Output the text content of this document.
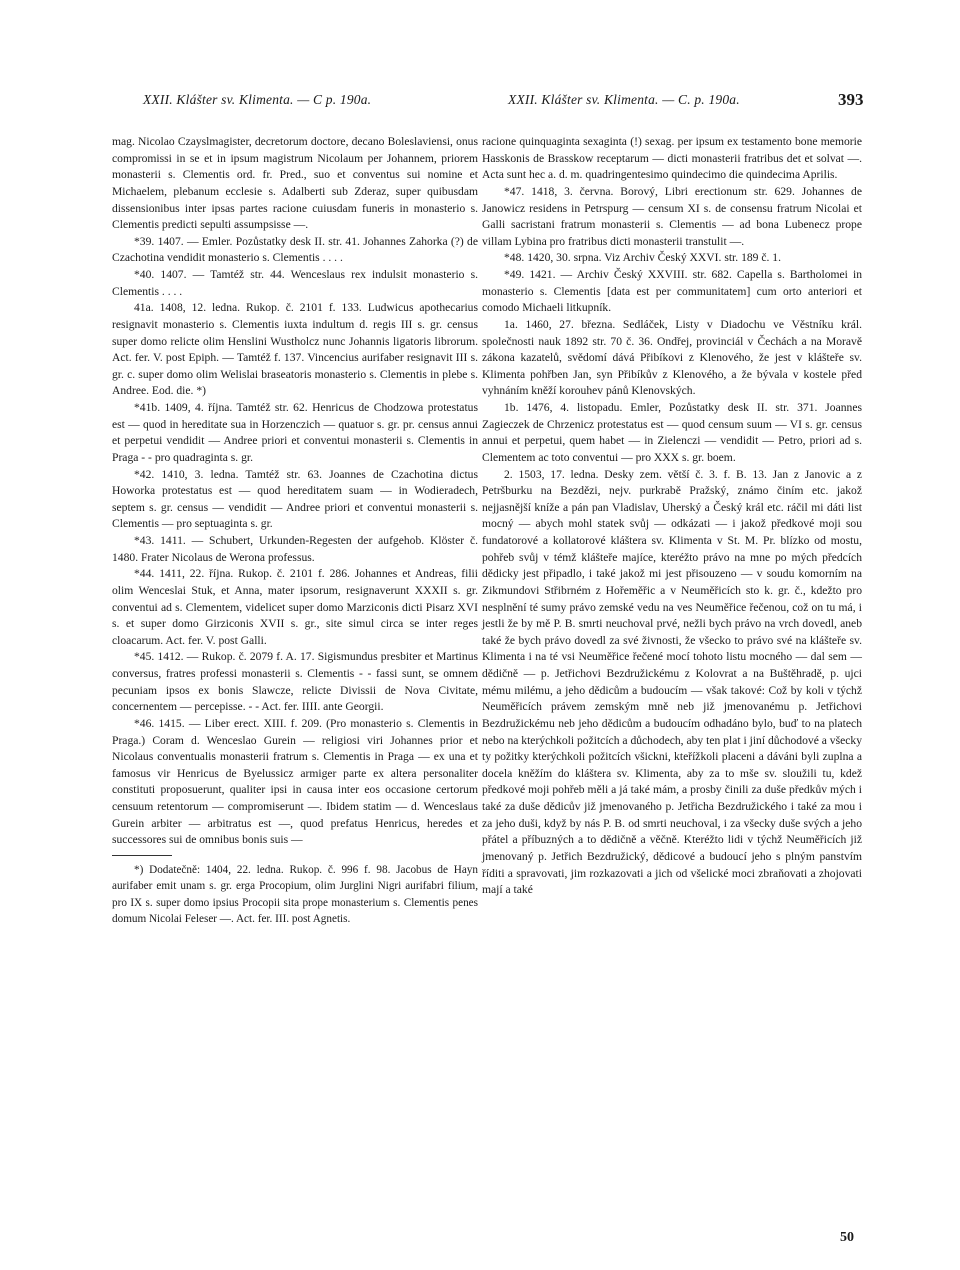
XXII. Klášter sv. Klimenta. — C p. 190a.	XXII. Klášter sv. Klimenta. — C. p. 190a.	393

mag. Nicolao Czayslmagister, decretorum doctore, decano Boleslaviensi, onus compromissi in se et in ipsum magistrum Nicolaum per Johannem, priorem monasterii s. Clementis ord. fr. Pred., suo et conventus sui nomine et Michaelem, plebanum ecclesie s. Adalberti sub Zderaz, super quibusdam dissensionibus inter ipsas partes racione cuiusdam funeris in monasterio s. Clementis predicti sepulti assumpsisse —.

*39. 1407. — Emler. Pozůstatky desk II. str. 41. Johannes Zahorka (?) de Czachotina vendidit monasterio s. Clementis . . . .

*40. 1407. — Tamtéž str. 44. Wenceslaus rex indulsit monasterio s. Clementis . . . .

41a. 1408, 12. ledna. Rukop. č. 2101 f. 133. Ludwicus apothecarius resignavit monasterio s. Clementis iuxta indultum d. regis III s. gr. census super domo relicte olim Henslini Wustholcz nunc Johannis ligatoris librorum. Act. fer. V. post Epiph. — Tamtéž f. 137. Vincencius aurifaber resignavit III s. gr. c. super domo olim Welislai braseatoris monasterio s. Clementis in plebe s. Andree. Eod. die. *)

*41b. 1409, 4. října. Tamtéž str. 62. Henricus de Chodzowa protestatus est — quod in hereditate sua in Horzenczich — quatuor s. gr. pr. census annui et perpetui vendidit — Andree priori et conventui monasterii s. Clementis in Praga - - pro quadraginta s. gr.

*42. 1410, 3. ledna. Tamtéž str. 63. Joannes de Czachotina dictus Howorka protestatus est — quod hereditatem suam — in Wodieradech, septem s. gr. census — vendidit — Andree priori et conventui monasterii s. Clementis — pro septuaginta s. gr.

*43. 1411. — Schubert, Urkunden-Regesten der aufgehob. Klöster č. 1480. Frater Nicolaus de Werona professus.

*44. 1411, 22. října. Rukop. č. 2101 f. 286. Johannes et Andreas, filii olim Wenceslai Stuk, et Anna, mater ipsorum, resignaverunt XXXII s. gr. conventui ad s. Clementem, videlicet super domo Marziconis dicti Pisarz XVI s. et super domo Girziconis XVII s. gr., site simul circa se inter reges cloacarum. Act. fer. V. post Galli.

*45. 1412. — Rukop. č. 2079 f. A. 17. Sigismundus presbiter et Martinus conversus, fratres professi monasterii s. Clementis - - fassi sunt, se omnem pecuniam ipsos ex bonis Slawcze, relicte Divissii de Nova Civitate, concernentem — percepisse. - - Act. fer. IIII. ante Georgii.

*46. 1415. — Liber erect. XIII. f. 209. (Pro monasterio s. Clementis in Praga.) Coram d. Wenceslao Gurein — religiosi viri Johannes prior et Nicolaus conventualis monasterii fratrum s. Clementis in Praga — ex una et famosus vir Henricus de Byelussicz armiger parte ex altera personaliter constituti proposuerunt, qualiter ipsi in causa inter eos occasione certorum censuum retentorum — compromiserunt —. Ibidem statim — d. Wenceslaus Gurein arbiter — arbitratus est —, quod prefatus Henricus, heredes et successores sui de omnibus bonis suis —

*) Dodatečně: 1404, 22. ledna. Rukop. č. 996 f. 98. Jacobus de Hayn aurifaber emit unam s. gr. erga Procopium, olim Jurglini Nigri aurifabri filium, pro IX s. super domo ipsius Procopii sita prope monasterium s. Clementis penes domum Nicolai Feleser —. Act. fer. III. post Agnetis.

racione quinquaginta sexaginta (!) sexag. per ipsum ex testamento bone memorie Hasskonis de Brasskow receptarum — dicti monasterii fratribus det et solvat —. Acta sunt hec a. d. m. quadringentesimo quindecimo die quindecima Aprilis.

*47. 1418, 3. června. Borový, Libri erectionum str. 629. Johannes de Janowicz residens in Petrspurg — censum XI s. de consensu fratrum Nicolai et Galli sacristani fratrum monasterii s. Clementis — ad bona Lubenecz prope villam Lybina pro fratribus dicti monasterii transtulit —.

*48. 1420, 30. srpna. Viz Archiv Český XXVI. str. 189 č. 1.

*49. 1421. — Archiv Český XXVIII. str. 682. Capella s. Bartholomei in monasterio s. Clementis [data est per communitatem] cum orto anteriori et comodo Michaeli litkupník.

1a. 1460, 27. března. Sedláček, Listy v Diadochu ve Věstníku král. společnosti nauk 1892 str. 70 č. 36. Ondřej, provinciál v Čechách a na Moravě zákona kazatelů, svědomí dává Přibíkovi z Klenového, že jest v klášteře sv. Klimenta pohřben Jan, syn Přibíkův z Klenového, a že bývala v kostele před vyhnáním kněží korouhev pánů Klenovských.

1b. 1476, 4. listopadu. Emler, Pozůstatky desk II. str. 371. Joannes Zagieczek de Chrzenicz protestatus est — quod censum suum — VI s. gr. census annui et perpetui, quem habet — in Zielenczi — vendidit — Petro, priori ad s. Clementem ac toto conventui — pro XXX s. gr. boem.

2. 1503, 17. ledna. Desky zem. větší č. 3. f. B. 13. Jan z Janovic a z Petršburku na Bezdězi, nejv. purkrabě Pražský, známo činím etc. jakož nejjasnější kníže a pán pan Vladislav, Uherský a Český král etc. ráčil mi dáti list mocný — abych mohl statek svůj — odkázati — i jakož předkové moji sou fundatorové a kollatorové kláštera sv. Klimenta v St. M. Pr. blízko od mostu, pohřeb svůj v témž klášteře majíce, kteréžto právo na mne po mých předcích dědicky jest připadlo, i také jakož mi jest přisouzeno — v soudu komorním na Zikmundovi Střibrném z Hořeměřic a v Neuměřicích sto k. gr. č., kdežto pro nesplnění té sumy právo zemské vedu na ves Neuměřice řečenou, což on tu má, i jestli že by mě P. B. smrti neuchoval prvé, nežli bych právo na vrch dovedl, aneb také že bych právo dovedl za své živnosti, že všecko to právo své na klášteře sv. Klimenta i na té vsi Neuměřice řečené mocí tohoto listu mocného — dal sem — dědičně — p. Jetřichovi Bezdružickému z Kolovrat a na Buštěhradě, p. ujci mému milému, a jeho dědicům a budoucím — však takové: Což by koli v týchž Neuměřicích právem zemským mně neb již jmenovanému p. Jetřichovi Bezdružickému neb jeho dědicům a budoucím odhadáno bylo, buď to na platech nebo na kterýchkoli požitcích a důchodech, aby ten plat i jiní důchodové a všecky ty požitky kterýchkoli požitcích všickni, kteřížkoli placeni a dáváni byli zuplna a docela kněžím do kláštera sv. Klimenta, aby za to mše sv. sloužili tu, kdež předkové moji pohřeb měli a já také mám, a prosby činili za duše předkův mých i také za duše dědicův již jmenovaného p. Jetřicha Bezdružického i také za mou i za jeho duši, když by nás P. B. od smrti neuchoval, i za všecky duše svých a jeho přátel a příbuzných a to dědičně a věčně. Kteréžto lidi v týchž Neuměřicích již jmenovaný p. Jetřich Bezdružický, dědicové a budoucí jeho s plným panstvím říditi a spravovati, jim rozkazovati a jich od všelické moci zbraňovati a zhojovati mají a také

50
